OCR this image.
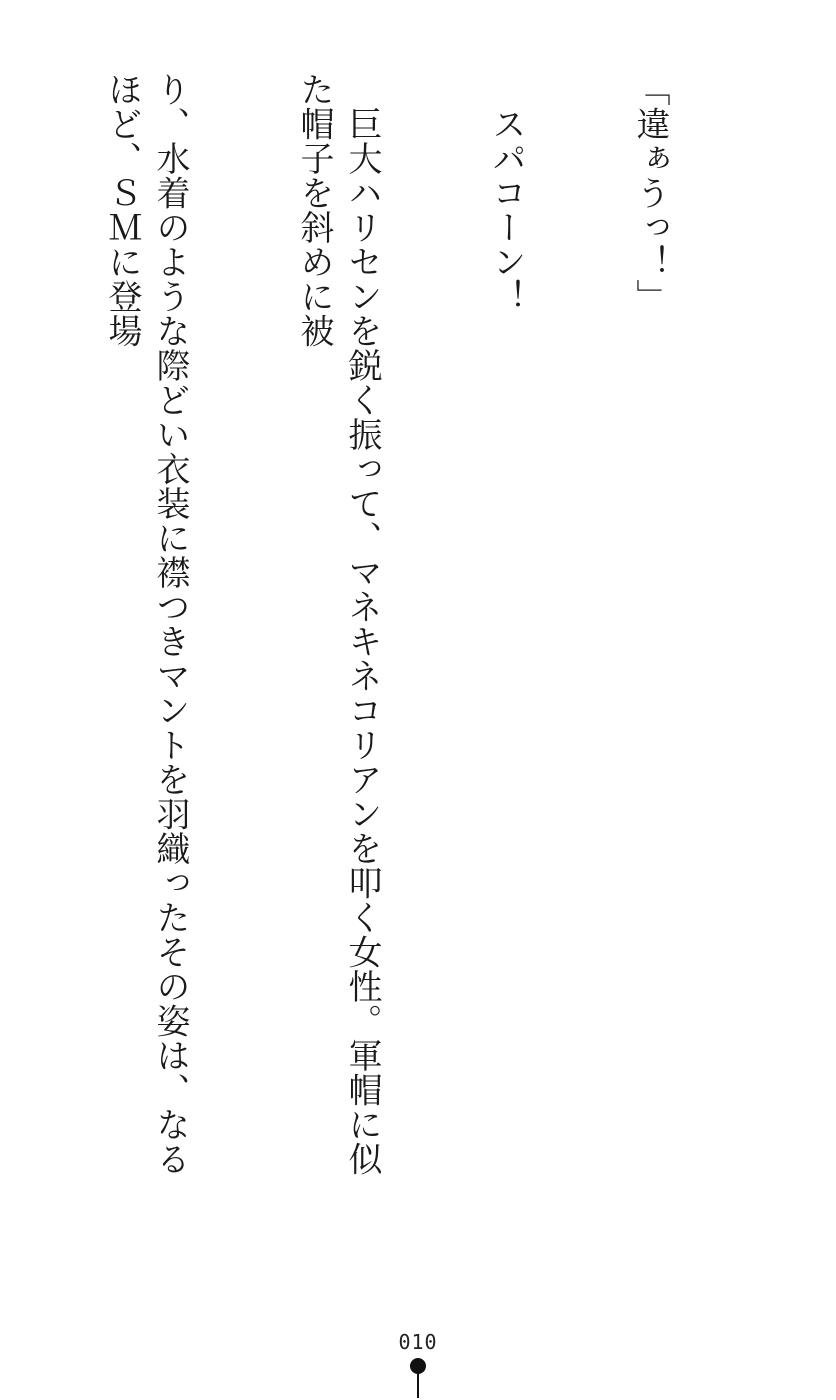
「違ぁうっ！」

　スパコーン！

　巨大ハリセンを鋭く振って、マネキネコリアンを叩く女性。軍帽に似た帽子を斜めに被

り、水着のような際どい衣装に襟つきマントを羽織ったその姿は、なるほど、ＳＭに登場

010
